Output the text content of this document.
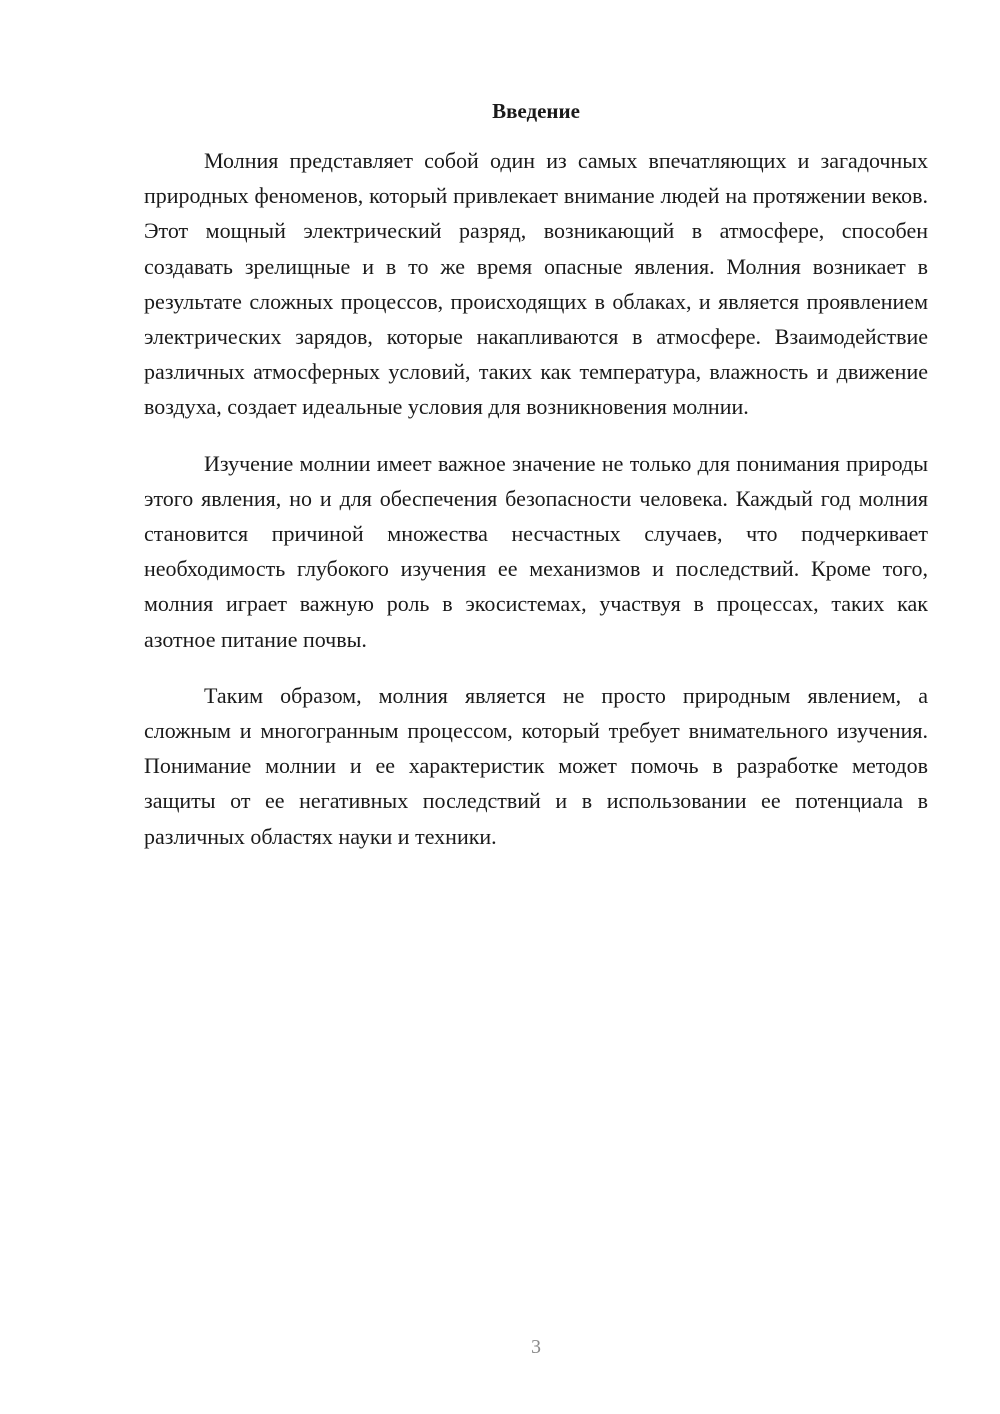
Введение

Молния представляет собой один из самых впечатляющих и загадочных природных феноменов, который привлекает внимание людей на протяжении веков. Этот мощный электрический разряд, возникающий в атмосфере, способен создавать зрелищные и в то же время опасные явления. Молния возникает в результате сложных процессов, происходящих в облаках, и является проявлением электрических зарядов, которые накапливаются в атмосфере. Взаимодействие различных атмосферных условий, таких как температура, влажность и движение воздуха, создает идеальные условия для возникновения молнии.

Изучение молнии имеет важное значение не только для понимания природы этого явления, но и для обеспечения безопасности человека. Каждый год молния становится причиной множества несчастных случаев, что подчеркивает необходимость глубокого изучения ее механизмов и последствий. Кроме того, молния играет важную роль в экосистемах, участвуя в процессах, таких как азотное питание почвы.

Таким образом, молния является не просто природным явлением, а сложным и многогранным процессом, который требует внимательного изучения. Понимание молнии и ее характеристик может помочь в разработке методов защиты от ее негативных последствий и в использовании ее потенциала в различных областях науки и техники.

3
